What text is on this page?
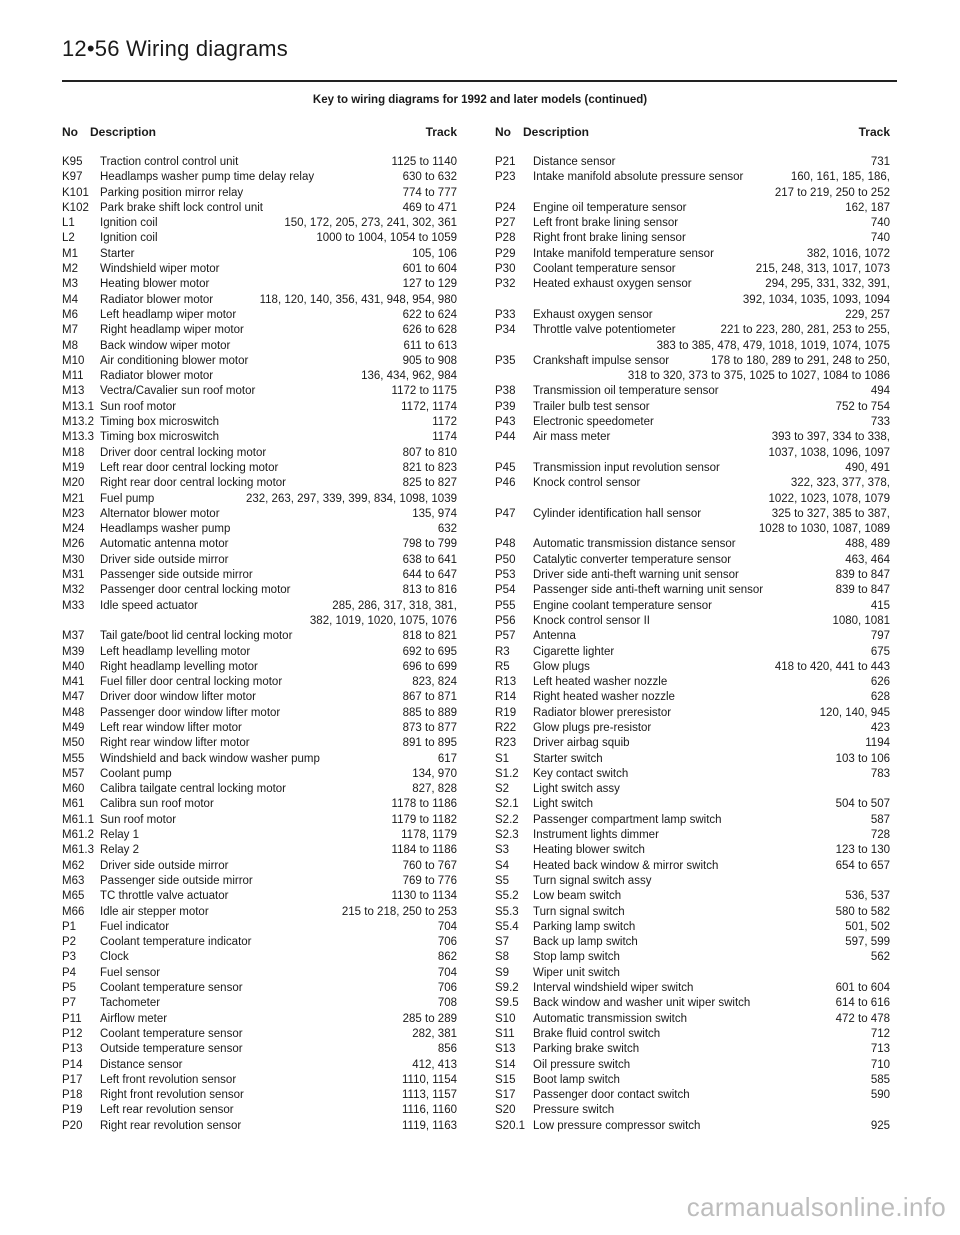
12•56 Wiring diagrams
Key to wiring diagrams for 1992 and later models (continued)
No Description	Track
K95	Traction control control unit	1125 to 1140
K97	Headlamps washer pump time delay relay	630 to 632
K101 Parking position mirror relay	774 to 777
K102 Park brake shift lock control unit	469 to 471
L1	Ignition coil	150, 172, 205, 273, 241, 302, 361
L2	Ignition coil	1000 to 1004, 1054 to 1059
M1	Starter	105, 106
M2	Windshield wiper motor	601 to 604
M3	Heating blower motor	127 to 129
M4	Radiator blower motor	118, 120, 140, 356, 431, 948, 954, 980
M6	Left headlamp wiper motor	622 to 624
M7	Right headlamp wiper motor	626 to 628
M8	Back window wiper motor	611 to 613
M10	Air conditioning blower motor	905 to 908
M11	Radiator blower motor	136, 434, 962, 984
M13	Vectra/Cavalier sun roof motor	1172 to 1175
M13.1 Sun roof motor	1172, 1174
M13.2 Timing box microswitch	1172
M13.3 Timing box microswitch	1174
M18	Driver door central locking motor	807 to 810
M19	Left rear door central locking motor	821 to 823
M20	Right rear door central locking motor	825 to 827
M21	Fuel pump	232, 263, 297, 339, 399, 834, 1098, 1039
M23	Alternator blower motor	135, 974
M24	Headlamps washer pump	632
M26	Automatic antenna motor	798 to 799
M30	Driver side outside mirror	638 to 641
M31	Passenger side outside mirror	644 to 647
M32	Passenger door central locking motor	813 to 816
M33	Idle speed actuator	285, 286, 317, 318, 381,
382, 1019, 1020, 1075, 1076
M37	Tail gate/boot lid central locking motor	818 to 821
M39	Left headlamp levelling motor	692 to 695
M40	Right headlamp levelling motor	696 to 699
M41	Fuel filler door central locking motor	823, 824
M47	Driver door window lifter motor	867 to 871
M48	Passenger door window lifter motor	885 to 889
M49	Left rear window lifter motor	873 to 877
M50	Right rear window lifter motor	891 to 895
M55	Windshield and back window washer pump	617
M57	Coolant pump	134, 970
M60	Calibra tailgate central locking motor	827, 828
M61	Calibra sun roof motor	1178 to 1186
M61.1 Sun roof motor	1179 to 1182
M61.2 Relay 1	1178, 1179
M61.3 Relay 2	1184 to 1186
M62	Driver side outside mirror	760 to 767
M63	Passenger side outside mirror	769 to 776
M65	TC throttle valve actuator	1130 to 1134
M66	Idle air stepper motor	215 to 218, 250 to 253
P1	Fuel indicator	704
P2	Coolant temperature indicator	706
P3	Clock	862
P4	Fuel sensor	704
P5	Coolant temperature sensor	706
P7	Tachometer	708
P11	Airflow meter	285 to 289
P12	Coolant temperature sensor	282, 381
P13	Outside temperature sensor	856
P14	Distance sensor	412, 413
P17	Left front revolution sensor	1110, 1154
P18	Right front revolution sensor	1113, 1157
P19	Left rear revolution sensor	1116, 1160
P20	Right rear revolution sensor	1119, 1163
No Description	Track
P21	Distance sensor	731
P23	Intake manifold absolute pressure sensor	160, 161, 185, 186,
217 to 219, 250 to 252
P24	Engine oil temperature sensor	162, 187
P27	Left front brake lining sensor	740
P28	Right front brake lining sensor	740
P29	Intake manifold temperature sensor	382, 1016, 1072
P30	Coolant temperature sensor	215, 248, 313, 1017, 1073
P32	Heated exhaust oxygen sensor	294, 295, 331, 332, 391,
392, 1034, 1035, 1093, 1094
P33	Exhaust oxygen sensor	229, 257
P34	Throttle valve potentiometer	221 to 223, 280, 281, 253 to 255,
383 to 385, 478, 479, 1018, 1019, 1074, 1075
P35	Crankshaft impulse sensor	178 to 180, 289 to 291, 248 to 250,
318 to 320, 373 to 375, 1025 to 1027, 1084 to 1086
P38	Transmission oil temperature sensor	494
P39	Trailer bulb test sensor	752 to 754
P43	Electronic speedometer	733
P44	Air mass meter	393 to 397, 334 to 338,
1037, 1038, 1096, 1097
P45	Transmission input revolution sensor	490, 491
P46	Knock control sensor	322, 323, 377, 378,
1022, 1023, 1078, 1079
P47	Cylinder identification hall sensor	325 to 327, 385 to 387,
1028 to 1030, 1087, 1089
P48	Automatic transmission distance sensor	488, 489
P50	Catalytic converter temperature sensor	463, 464
P53	Driver side anti-theft warning unit sensor	839 to 847
P54	Passenger side anti-theft warning unit sensor	839 to 847
P55	Engine coolant temperature sensor	415
P56	Knock control sensor II	1080, 1081
P57	Antenna	797
R3	Cigarette lighter	675
R5	Glow plugs	418 to 420, 441 to 443
R13	Left heated washer nozzle	626
R14	Right heated washer nozzle	628
R19	Radiator blower preresistor	120, 140, 945
R22	Glow plugs pre-resistor	423
R23	Driver airbag squib	1194
S1	Starter switch	103 to 106
S1.2	Key contact switch	783
S2	Light switch assy
S2.1	Light switch	504 to 507
S2.2	Passenger compartment lamp switch	587
S2.3	Instrument lights dimmer	728
S3	Heating blower switch	123 to 130
S4	Heated back window & mirror switch	654 to 657
S5	Turn signal switch assy
S5.2	Low beam switch	536, 537
S5.3	Turn signal switch	580 to 582
S5.4	Parking lamp switch	501, 502
S7	Back up lamp switch	597, 599
S8	Stop lamp switch	562
S9	Wiper unit switch
S9.2	Interval windshield wiper switch	601 to 604
S9.5	Back window and washer unit wiper switch	614 to 616
S10	Automatic transmission switch	472 to 478
S11	Brake fluid control switch	712
S13	Parking brake switch	713
S14	Oil pressure switch	710
S15	Boot lamp switch	585
S17	Passenger door contact switch	590
S20	Pressure switch
S20.1 Low pressure compressor switch	925
carmanualsonline.info
